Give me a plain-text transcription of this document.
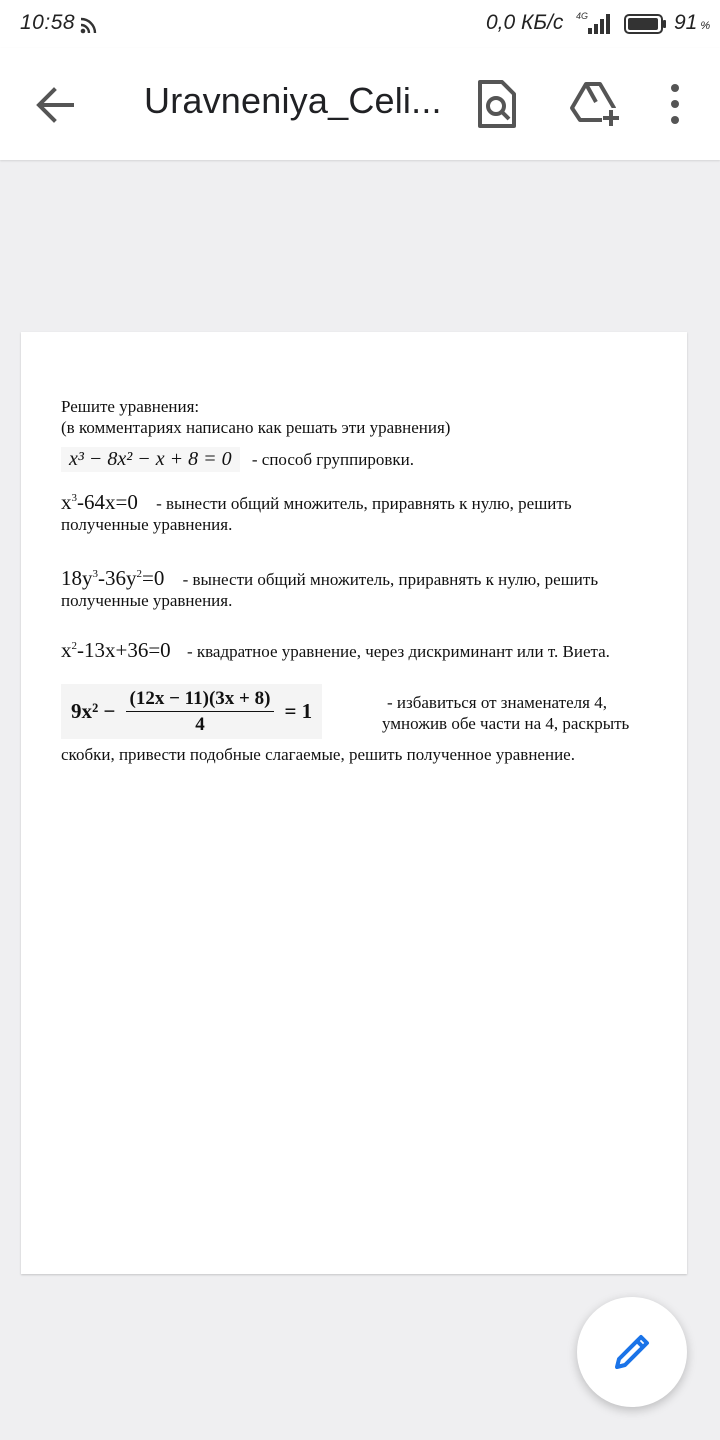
10:58	0,0 КБ/с 4G	91 %
Uravneniya_Celi...
Решите уравнения:
(в комментариях написано как решать эти уравнения)
x³ − 8x² − x + 8 = 0 - способ группировки.
$x^3-64x=0$ - вынести общий множитель, приравнять к нулю, решить полученные уравнения.
$18y^3-36y^2=0$ - вынести общий множитель, приравнять к нулю, решить полученные уравнения.
$x^2-13x+36=0$ - квадратное уравнение, через дискриминант или т. Виета.
$9x^2 - \frac{(12x - 11)(3x + 8)}{4} = 1$	- избавиться от знаменателя 4,
умножив обе части на 4, раскрыть
скобки, привести подобные слагаемые, решить полученное уравнение.
